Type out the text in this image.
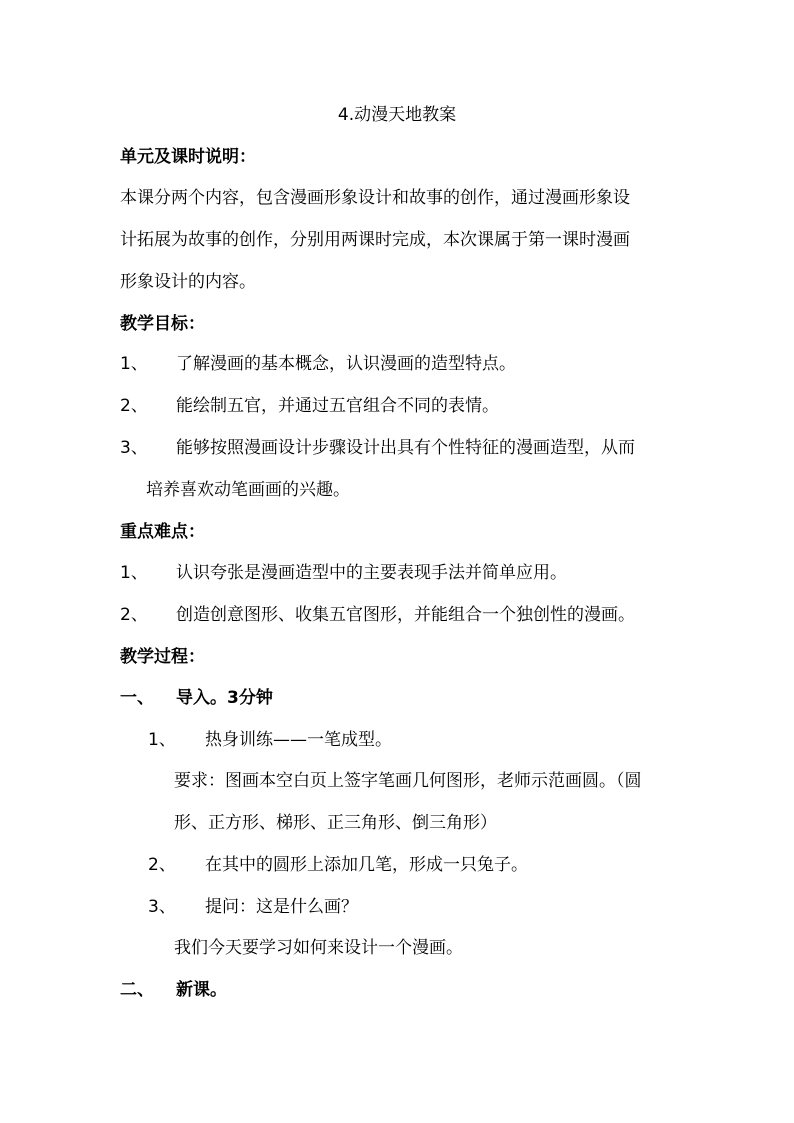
4.动漫天地教案
单元及课时说明：
本课分两个内容，包含漫画形象设计和故事的创作，通过漫画形象设
计拓展为故事的创作，分别用两课时完成，本次课属于第一课时漫画
形象设计的内容。
教学目标：
1、 了解漫画的基本概念，认识漫画的造型特点。
2、 能绘制五官，并通过五官组合不同的表情。
3、 能够按照漫画设计步骤设计出具有个性特征的漫画造型，从而
培养喜欢动笔画画的兴趣。
重点难点：
1、 认识夸张是漫画造型中的主要表现手法并简单应用。
2、 创造创意图形、收集五官图形，并能组合一个独创性的漫画。
教学过程：
一、 导入。3分钟
1、 热身训练——一笔成型。
要求：图画本空白页上签字笔画几何图形，老师示范画圆。（圆
形、正方形、梯形、正三角形、倒三角形）
2、 在其中的圆形上添加几笔，形成一只兔子。
3、 提问：这是什么画？
我们今天要学习如何来设计一个漫画。
二、 新课。
